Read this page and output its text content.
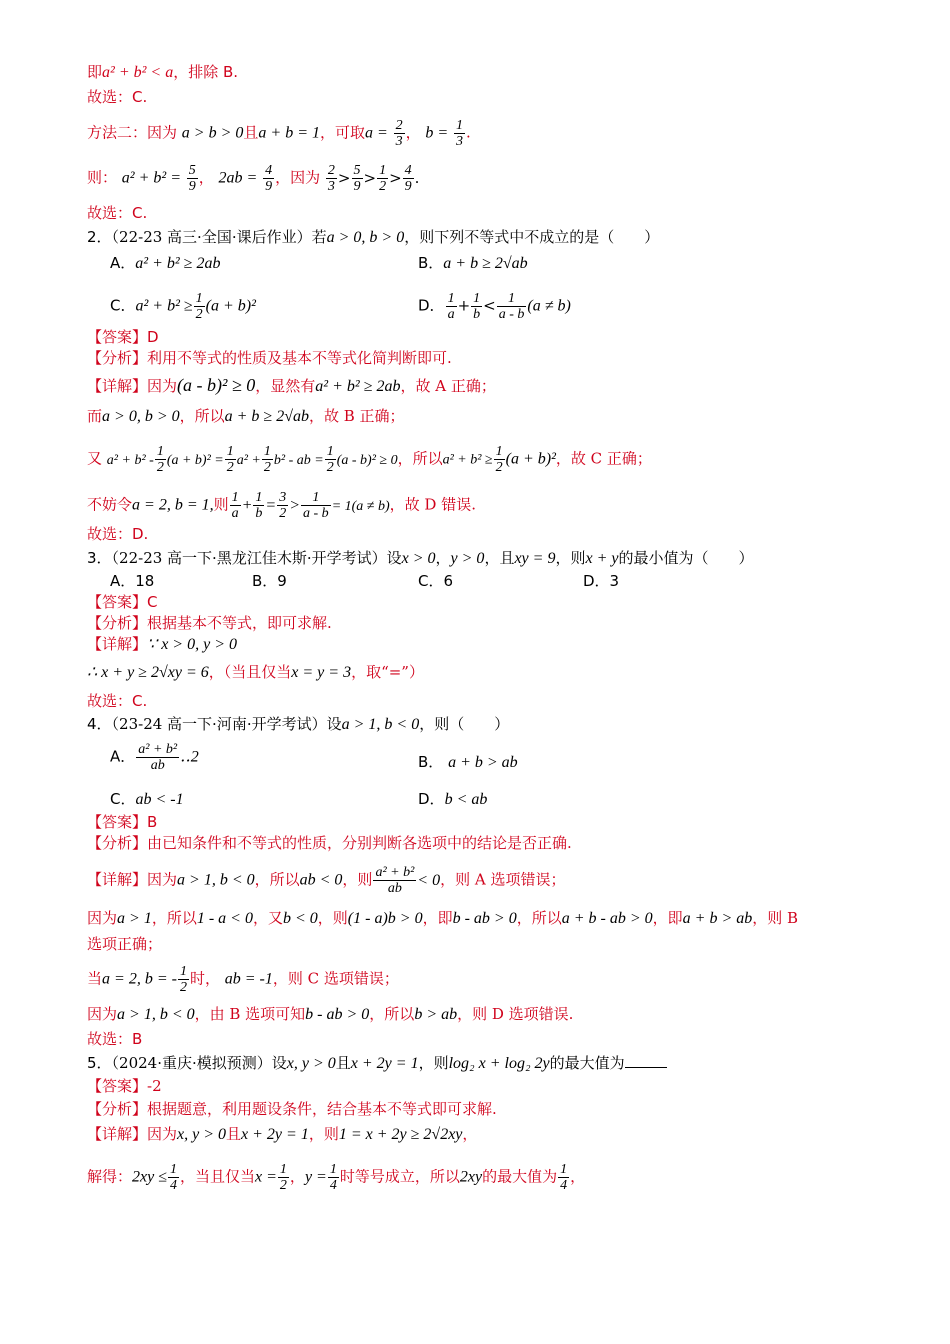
即a² + b² < a，排除 B.
故选：C.
方法二：因为 a > b > 0且a + b = 1，可取$a = \frac{2}{3}$ ， $b = \frac{1}{3}$ .
则： $a^2 + b^2 = \frac{5}{9}$ ， $2ab = \frac{4}{9}$ ，因为 $\frac{2}{3} > \frac{5}{9} > \frac{1}{2} > \frac{4}{9}$ .
故选：C.
2．（22-23 高三·全国·课后作业）若a > 0, b > 0，则下列不等式中不成立的是（　　）
A．a² + b² ≥ 2ab	B．a + b ≥ 2√ab
C．$a^2 + b^2 \ge \frac{1}{2} (a + b)^2$	D． $\frac{1}{a} + \frac{1}{b} < \frac{1}{a - b} (a \ne b)$
【答案】D
【分析】利用不等式的性质及基本不等式化简判断即可.
【详解】因为(a - b)² ≥ 0，显然有a² + b² ≥ 2ab，故 A 正确；
而a > 0, b > 0，所以a + b ≥ 2√ab，故 B 正确；
又 $a^2 + b^2 - \frac{1}{2} (a + b)^2 = \frac{1}{2} a^2 + \frac{1}{2} b^2$ - ab = $\frac{1}{2} (a - b)^2 \ge 0$，所以$a^2 + b^2 \ge \frac{1}{2} (a + b)^2$，故 C 正确；
不妨令a = 2, b = 1,则 $\frac{1}{a} + \frac{1}{b} = \frac{3}{2} > \frac{1}{a - b} = 1(a \ne b)$，故 D 错误.
故选：D.
3．（22-23 高一下·黑龙江佳木斯·开学考试）设x > 0，y > 0，且xy = 9，则x + y的最小值为（　　）
A．18	B．9	C．6	D．3
【答案】C
【分析】根据基本不等式，即可求解.
【详解】∵ x > 0, y > 0
∴ x + y ≥ 2√xy = 6，（当且仅当x = y = 3，取“=”）
故选：C.
4．（23-24 高一下·河南·开学考试）设a > 1, b < 0，则（　　）
A． $\frac{\text{a² + b²}}{ab}$ ‥2	B． a + b > ab
C．ab < -1	D．b < ab
【答案】B
【分析】由已知条件和不等式的性质，分别判断各选项中的结论是否正确.
【详解】因为a > 1, b < 0，所以ab < 0，则 $\frac{\text{a² + b²}}{ab} < 0$，则 A 选项错误；
因为a > 1，所以1 - a < 0，又b < 0，则(1 - a)b > 0，即b - ab > 0，所以a + b - ab > 0，即a + b > ab，则 B
选项正确；
当a = 2, b = - $\frac{1}{2}$ 时， ab = -1，则 C 选项错误；
因为a > 1, b < 0，由 B 选项可知b - ab > 0，所以b > ab，则 D 选项错误.
故选：B
5．（2024·重庆·模拟预测）设x, y > 0且x + 2y = 1，则log₂ x + log₂ 2y的最大值为
【答案】-2
【分析】根据题意，利用题设条件，结合基本不等式即可求解.
【详解】因为x, y > 0且x + 2y = 1，则1 = x + 2y ≥ 2√2xy，
解得：$2xy \le \frac{1}{4}$ ，当且仅当$x = \frac{1}{2}$ ，$y = \frac{1}{4}$ 时等号成立，所以2xy的最大值为 $\frac{1}{4}$ ，
